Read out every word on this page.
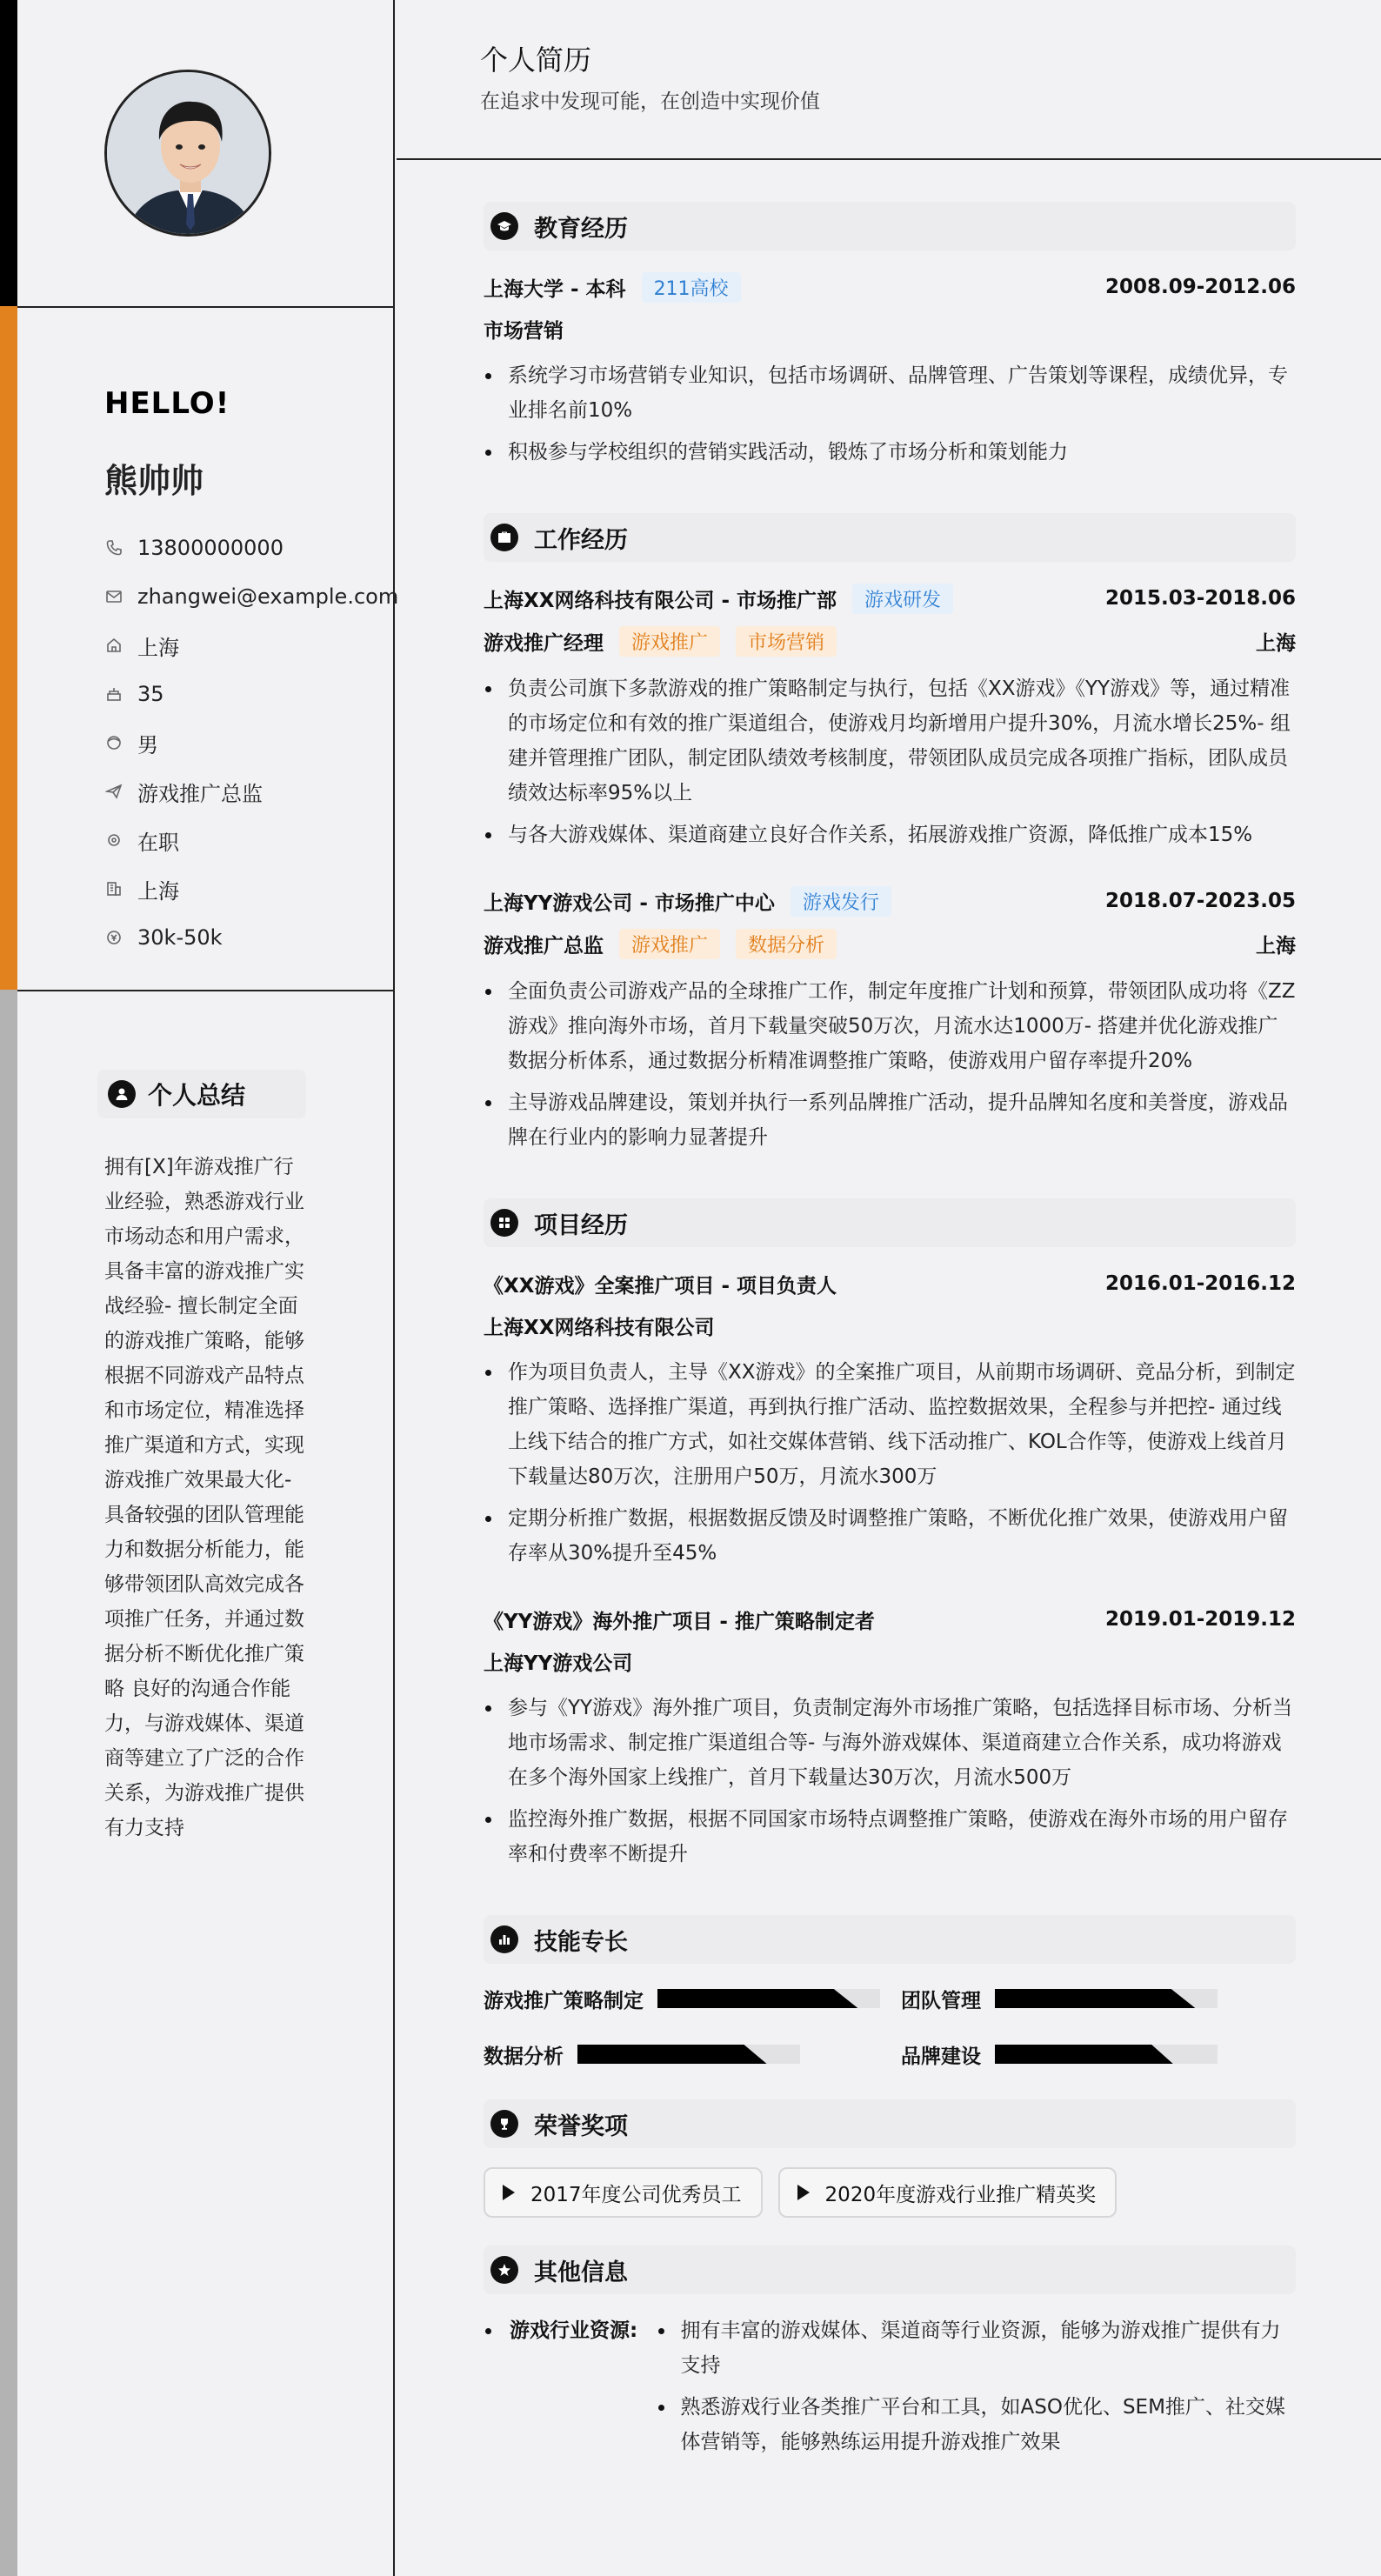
HELLO!
熊帅帅
13800000000
zhangwei@example.com
上海
35
男
游戏推广总监
在职
上海
30k-50k
个人总结
拥有[X]年游戏推广行业经验，熟悉游戏行业市场动态和用户需求，具备丰富的游戏推广实战经验- 擅长制定全面的游戏推广策略，能够根据不同游戏产品特点和市场定位，精准选择推广渠道和方式，实现游戏推广效果最大化- 具备较强的团队管理能力和数据分析能力，能够带领团队高效完成各项推广任务，并通过数据分析不断优化推广策略 良好的沟通合作能力，与游戏媒体、渠道商等建立了广泛的合作关系，为游戏推广提供有力支持
个人简历
在追求中发现可能，在创造中实现价值
教育经历
上海大学 - 本科	211高校	2008.09-2012.06
市场营销
系统学习市场营销专业知识，包括市场调研、品牌管理、广告策划等课程，成绩优异，专业排名前10%
积极参与学校组织的营销实践活动，锻炼了市场分析和策划能力
工作经历
上海XX网络科技有限公司 - 市场推广部	游戏研发	2015.03-2018.06
游戏推广经理	游戏推广	市场营销	上海
负责公司旗下多款游戏的推广策略制定与执行，包括《XX游戏》《YY游戏》等，通过精准的市场定位和有效的推广渠道组合，使游戏月均新增用户提升30%，月流水增长25%- 组建并管理推广团队，制定团队绩效考核制度，带领团队成员完成各项推广指标，团队成员绩效达标率95%以上
与各大游戏媒体、渠道商建立良好合作关系，拓展游戏推广资源，降低推广成本15%
上海YY游戏公司 - 市场推广中心	游戏发行	2018.07-2023.05
游戏推广总监	游戏推广	数据分析	上海
全面负责公司游戏产品的全球推广工作，制定年度推广计划和预算，带领团队成功将《ZZ游戏》推向海外市场，首月下载量突破50万次，月流水达1000万- 搭建并优化游戏推广数据分析体系，通过数据分析精准调整推广策略，使游戏用户留存率提升20%
主导游戏品牌建设，策划并执行一系列品牌推广活动，提升品牌知名度和美誉度，游戏品牌在行业内的影响力显著提升
项目经历
《XX游戏》全案推广项目 - 项目负责人	2016.01-2016.12
上海XX网络科技有限公司
作为项目负责人，主导《XX游戏》的全案推广项目，从前期市场调研、竞品分析，到制定推广策略、选择推广渠道，再到执行推广活动、监控数据效果，全程参与并把控- 通过线上线下结合的推广方式，如社交媒体营销、线下活动推广、KOL合作等，使游戏上线首月下载量达80万次，注册用户50万，月流水300万
定期分析推广数据，根据数据反馈及时调整推广策略，不断优化推广效果，使游戏用户留存率从30%提升至45%
《YY游戏》海外推广项目 - 推广策略制定者	2019.01-2019.12
上海YY游戏公司
参与《YY游戏》海外推广项目，负责制定海外市场推广策略，包括选择目标市场、分析当地市场需求、制定推广渠道组合等- 与海外游戏媒体、渠道商建立合作关系，成功将游戏在多个海外国家上线推广，首月下载量达30万次，月流水500万
监控海外推广数据，根据不同国家市场特点调整推广策略，使游戏在海外市场的用户留存率和付费率不断提升
技能专长
游戏推广策略制定	团队管理
数据分析	品牌建设
荣誉奖项
2017年度公司优秀员工	2020年度游戏行业推广精英奖
其他信息
游戏行业资源:	拥有丰富的游戏媒体、渠道商等行业资源，能够为游戏推广提供有力支持
熟悉游戏行业各类推广平台和工具，如ASO优化、SEM推广、社交媒体营销等，能够熟练运用提升游戏推广效果
